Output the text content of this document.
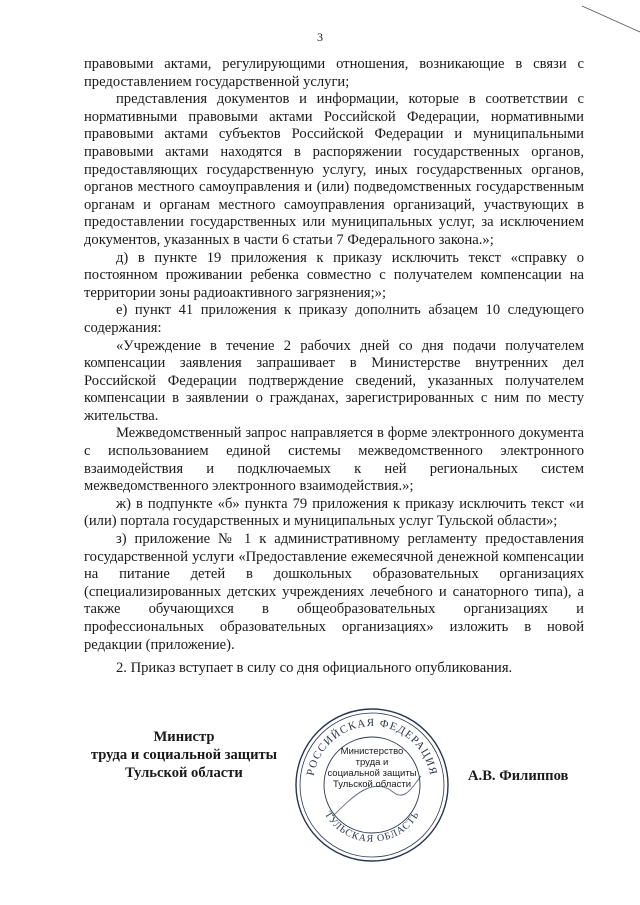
3

правовыми актами, регулирующими отношения, возникающие в связи с предоставлением государственной услуги;

представления документов и информации, которые в соответствии с нормативными правовыми актами Российской Федерации, нормативными правовыми актами субъектов Российской Федерации и муниципальными правовыми актами находятся в распоряжении государственных органов, предоставляющих государственную услугу, иных государственных органов, органов местного самоуправления и (или) подведомственных государственным органам и органам местного самоуправления организаций, участвующих в предоставлении государственных или муниципальных услуг, за исключением документов, указанных в части 6 статьи 7 Федерального закона.»;

д) в пункте 19 приложения к приказу исключить текст «справку о постоянном проживании ребенка совместно с получателем компенсации на территории зоны радиоактивного загрязнения;»;

е) пункт 41 приложения к приказу дополнить абзацем 10 следующего содержания:

«Учреждение в течение 2 рабочих дней со дня подачи получателем компенсации заявления запрашивает в Министерстве внутренних дел Российской Федерации подтверждение сведений, указанных получателем компенсации в заявлении о гражданах, зарегистрированных с ним по месту жительства.

Межведомственный запрос направляется в форме электронного документа с использованием единой системы межведомственного электронного взаимодействия и подключаемых к ней региональных систем межведомственного электронного взаимодействия.»;

ж) в подпункте «б» пункта 79 приложения к приказу исключить текст «и (или) портала государственных и муниципальных услуг Тульской области»;

з) приложение № 1 к административному регламенту предоставления государственной услуги «Предоставление ежемесячной денежной компенсации на питание детей в дошкольных образовательных организациях (специализированных детских учреждениях лечебного и санаторного типа), а также обучающихся в общеобразовательных организациях и профессиональных образовательных организациях» изложить в новой редакции (приложение).

2. Приказ вступает в силу со дня официального опубликования.

Министр
труда и социальной защиты
Тульской области	РОССИЙСКАЯ ФЕДЕРАЦИЯ
ТУЛЬСКАЯ ОБЛАСТЬ
Министерство
труда и
социальной защиты
Тульской области
А.В. Филиппов
